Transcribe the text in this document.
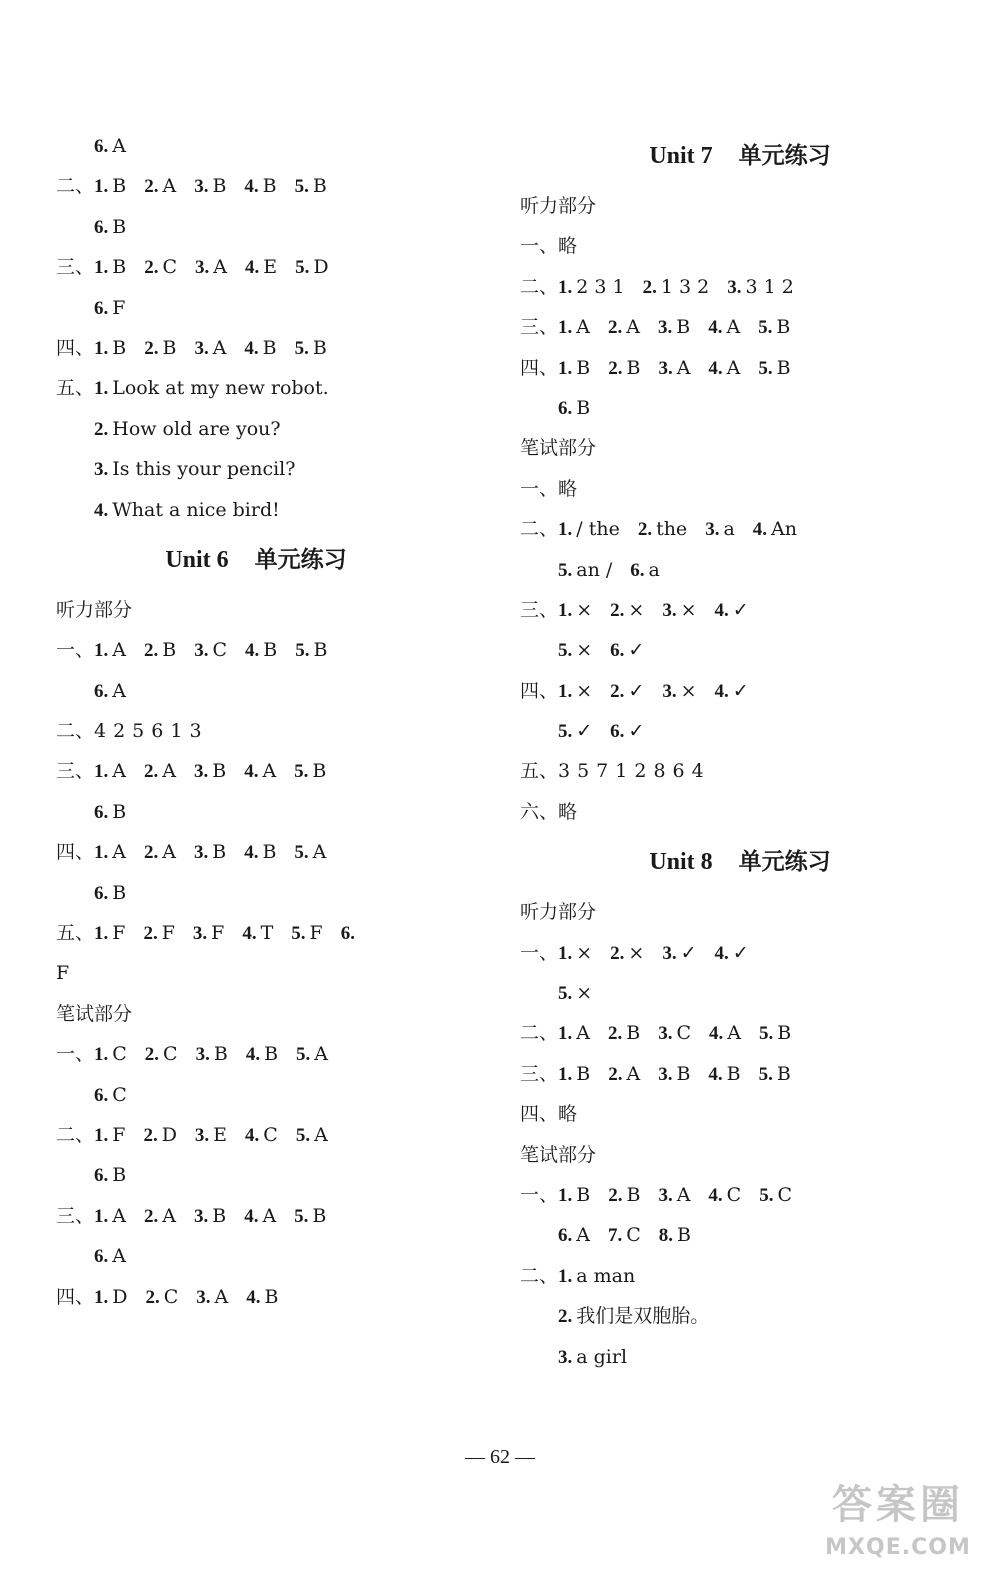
6. A
二、1. B 2. A 3. B 4. B 5. B
6. B
三、1. B 2. C 3. A 4. E 5. D
6. F
四、1. B 2. B 3. A 4. B 5. B
五、1. Look at my new robot.
2. How old are you?
3. Is this your pencil?
4. What a nice bird!
Unit 6 单元练习
听力部分
一、1. A 2. B 3. C 4. B 5. B
6. A
二、425613
三、1. A 2. A 3. B 4. A 5. B
6. B
四、1. A 2. A 3. B 4. B 5. A
6. B
五、1. F 2. F 3. F 4. T 5. F 6.
F
笔试部分
一、1. C 2. C 3. B 4. B 5. A
6. C
二、1. F 2. D 3. E 4. C 5. A
6. B
三、1. A 2. A 3. B 4. A 5. B
6. A
四、1. D 2. C 3. A 4. B
Unit 7 单元练习
听力部分
一、略
二、1. 2 3 1 2. 1 3 2 3. 3 1 2
三、1. A 2. A 3. B 4. A 5. B
四、1. B 2. B 3. A 4. A 5. B
6. B
笔试部分
一、略
二、1. / the 2. the 3. a 4. An
5. an / 6. a
三、1. × 2. × 3. × 4. ✓
5. × 6. ✓
四、1. × 2. ✓ 3. × 4. ✓
5. ✓ 6. ✓
五、35712864
六、略
Unit 8 单元练习
听力部分
一、1. × 2. × 3. ✓ 4. ✓
5. ×
二、1. A 2. B 3. C 4. A 5. B
三、1. B 2. A 3. B 4. B 5. B
四、略
笔试部分
一、1. B 2. B 3. A 4. C 5. C
6. A 7. C 8. B
二、1. a man
2. 我们是双胞胎。
3. a girl
— 62 —
答案圈
MXQE.COM
